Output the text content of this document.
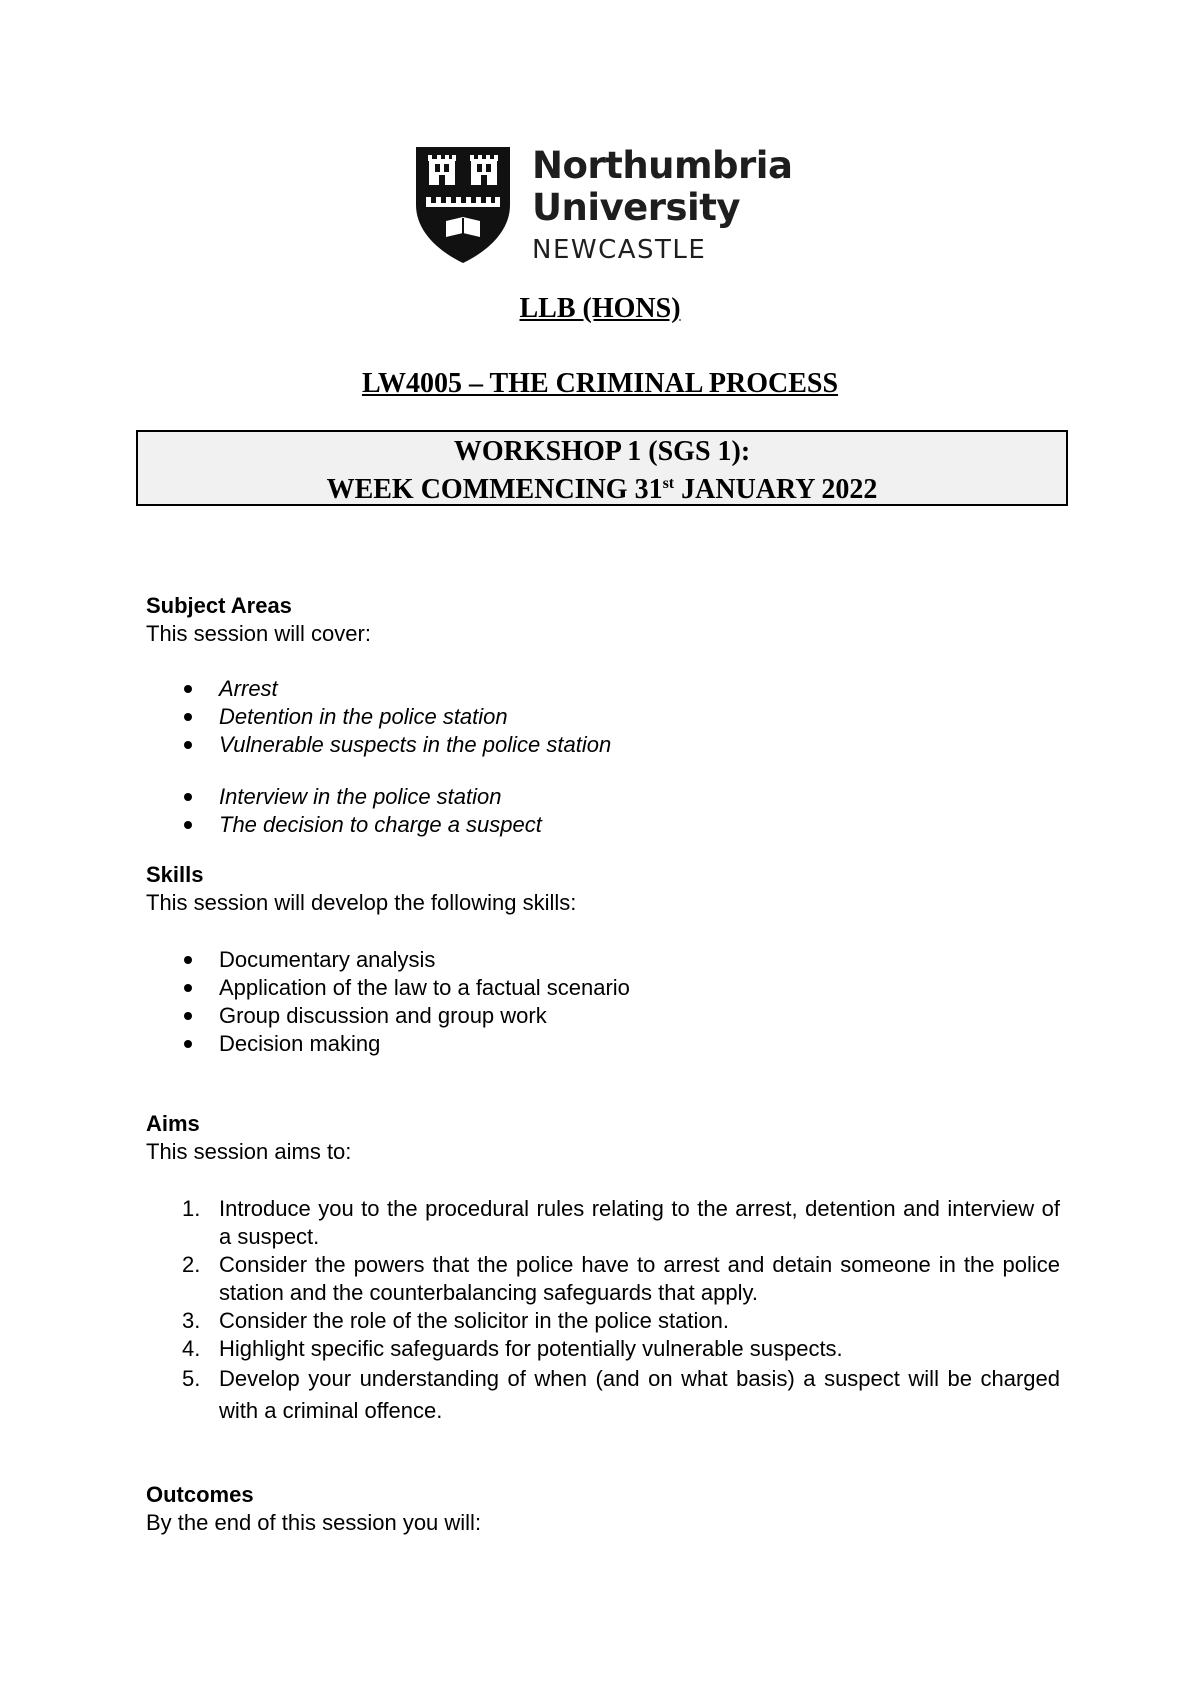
Northumbria
University
NEWCASTLE
LLB (HONS)
LW4005 – THE CRIMINAL PROCESS
WORKSHOP 1 (SGS 1):
WEEK COMMENCING 31st JANUARY 2022
Subject Areas
This session will cover:
Arrest
Detention in the police station
Vulnerable suspects in the police station
Interview in the police station
The decision to charge a suspect
Skills
This session will develop the following skills:
Documentary analysis
Application of the law to a factual scenario
Group discussion and group work
Decision making
Aims
This session aims to:
1. Introduce you to the procedural rules relating to the arrest, detention and interview of a suspect.
2. Consider the powers that the police have to arrest and detain someone in the police station and the counterbalancing safeguards that apply.
3. Consider the role of the solicitor in the police station.
4. Highlight specific safeguards for potentially vulnerable suspects.
5. Develop your understanding of when (and on what basis) a suspect will be charged with a criminal offence.
Outcomes
By the end of this session you will:
